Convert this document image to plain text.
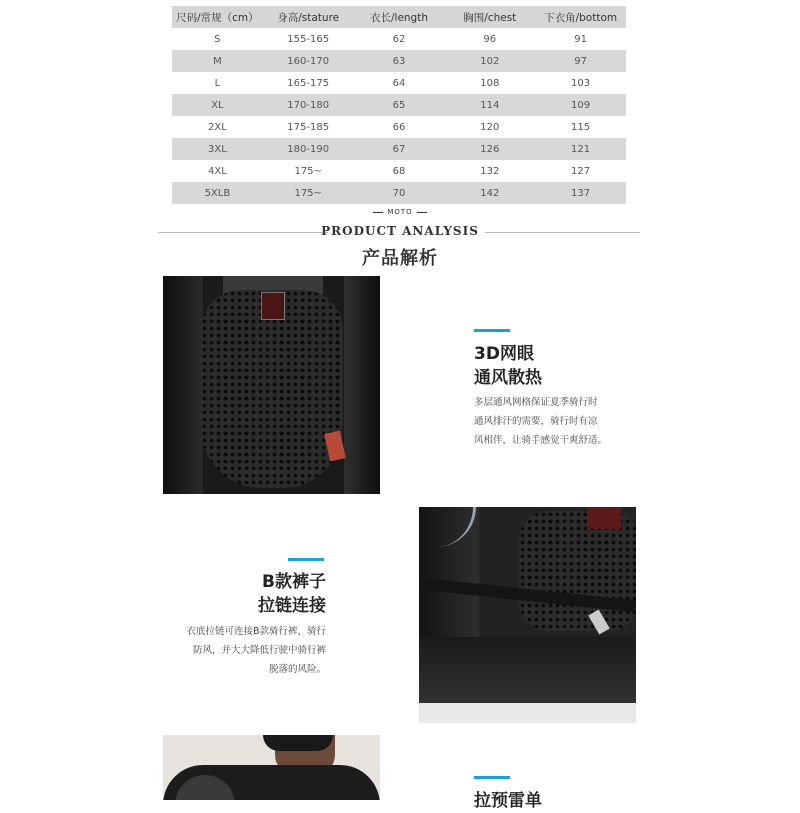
尺码/常规（cm）	身高/stature	衣长/length	胸围/chest	下衣角/bottom
S	155-165	62	96	91
M	160-170	63	102	97
L	165-175	64	108	103
XL	170-180	65	114	109
2XL	175-185	66	120	115
3XL	180-190	67	126	121
4XL	175~	68	132	127
5XLB	175~	70	142	137
MOTO
PRODUCT ANALYSIS
产品解析
3D网眼
通风散热
多层通风网格保证夏季骑行时
通风排汗的需要，骑行时有凉
风相伴，让骑手感觉干爽舒适。
B款裤子
拉链连接
衣底拉链可连接B款骑行裤，骑行
防风，并大大降低行驶中骑行裤
脱落的风险。
拉预雷单
